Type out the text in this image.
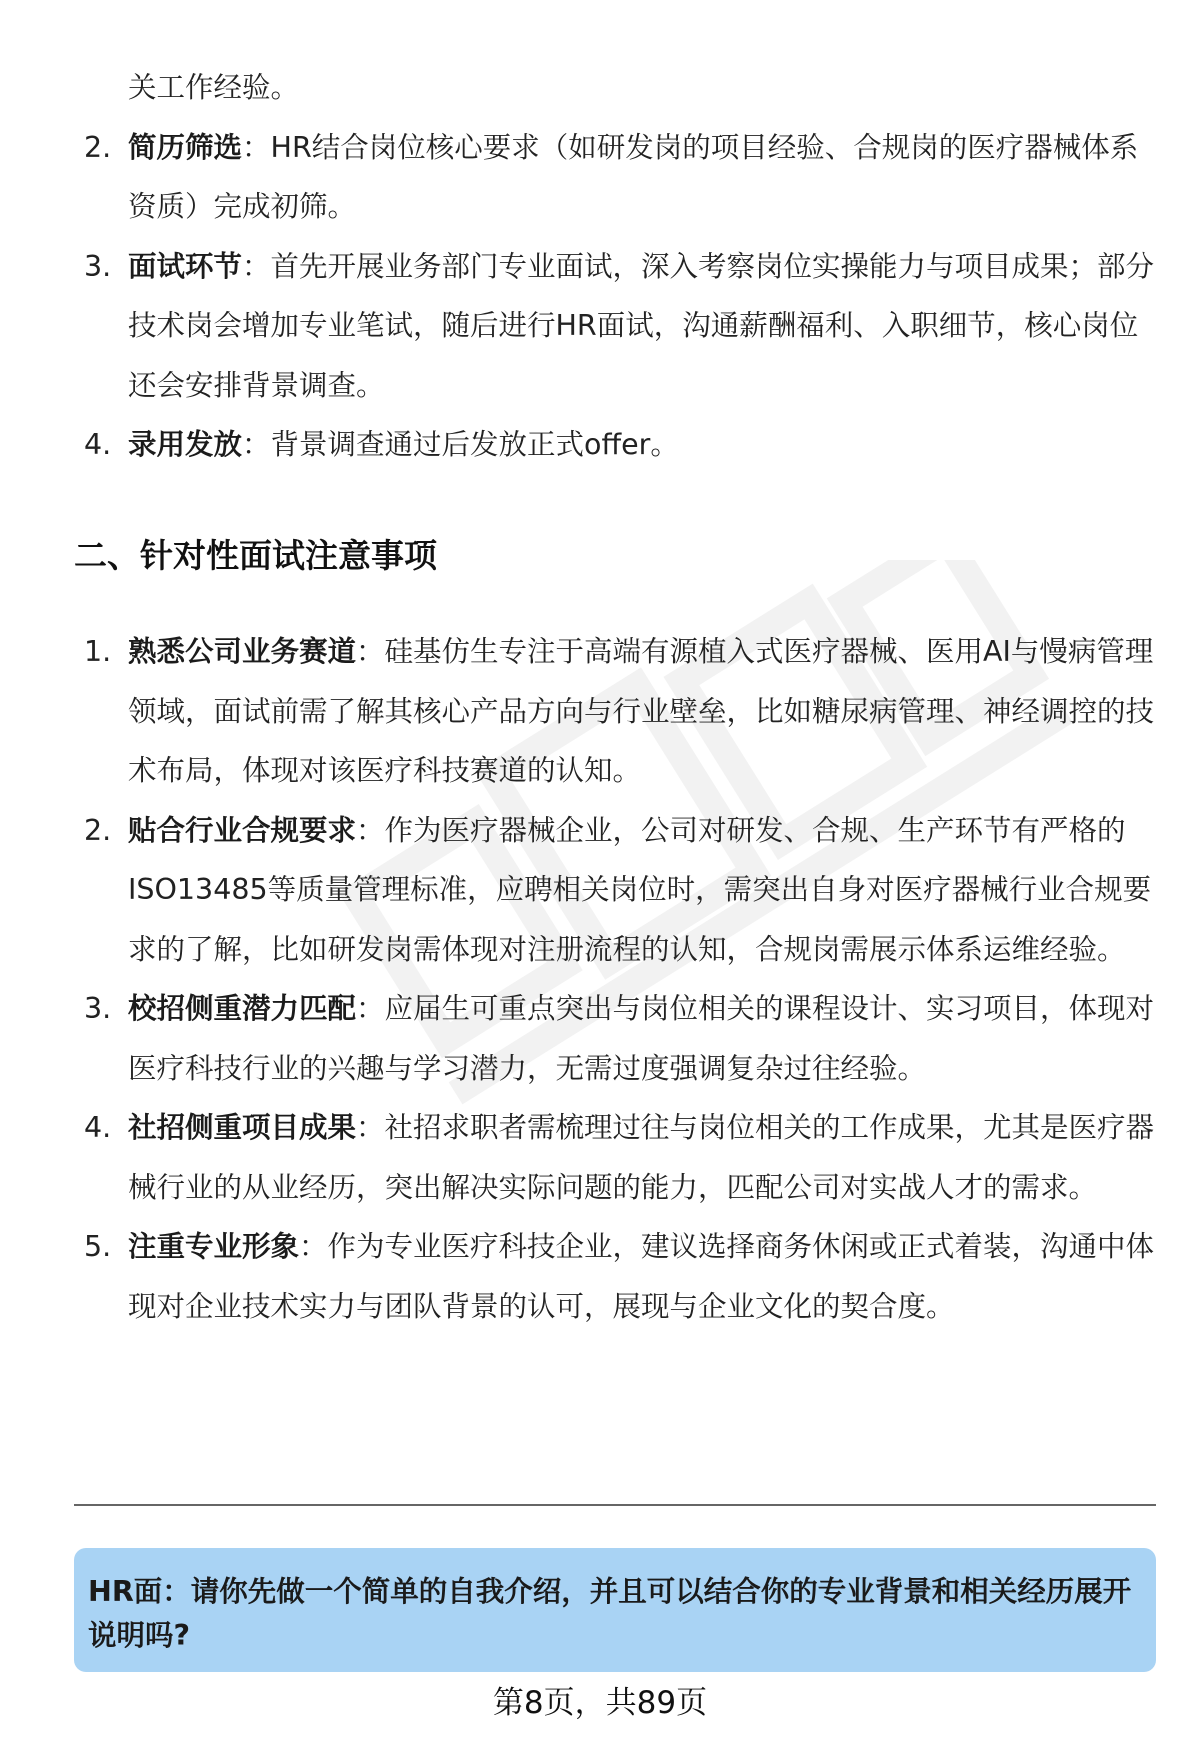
关工作经验。
2. 简历筛选：HR结合岗位核心要求（如研发岗的项目经验、合规岗的医疗器械体系资质）完成初筛。
3. 面试环节：首先开展业务部门专业面试，深入考察岗位实操能力与项目成果；部分技术岗会增加专业笔试，随后进行HR面试，沟通薪酬福利、入职细节，核心岗位还会安排背景调查。
4. 录用发放：背景调查通过后发放正式offer。
二、针对性面试注意事项
1. 熟悉公司业务赛道：硅基仿生专注于高端有源植入式医疗器械、医用AI与慢病管理领域，面试前需了解其核心产品方向与行业壁垒，比如糖尿病管理、神经调控的技术布局，体现对该医疗科技赛道的认知。
2. 贴合行业合规要求：作为医疗器械企业，公司对研发、合规、生产环节有严格的ISO13485等质量管理标准，应聘相关岗位时，需突出自身对医疗器械行业合规要求的了解，比如研发岗需体现对注册流程的认知，合规岗需展示体系运维经验。
3. 校招侧重潜力匹配：应届生可重点突出与岗位相关的课程设计、实习项目，体现对医疗科技行业的兴趣与学习潜力，无需过度强调复杂过往经验。
4. 社招侧重项目成果：社招求职者需梳理过往与岗位相关的工作成果，尤其是医疗器械行业的从业经历，突出解决实际问题的能力，匹配公司对实战人才的需求。
5. 注重专业形象：作为专业医疗科技企业，建议选择商务休闲或正式着装，沟通中体现对企业技术实力与团队背景的认可，展现与企业文化的契合度。
HR面：请你先做一个简单的自我介绍，并且可以结合你的专业背景和相关经历展开说明吗?
第8页，共89页
